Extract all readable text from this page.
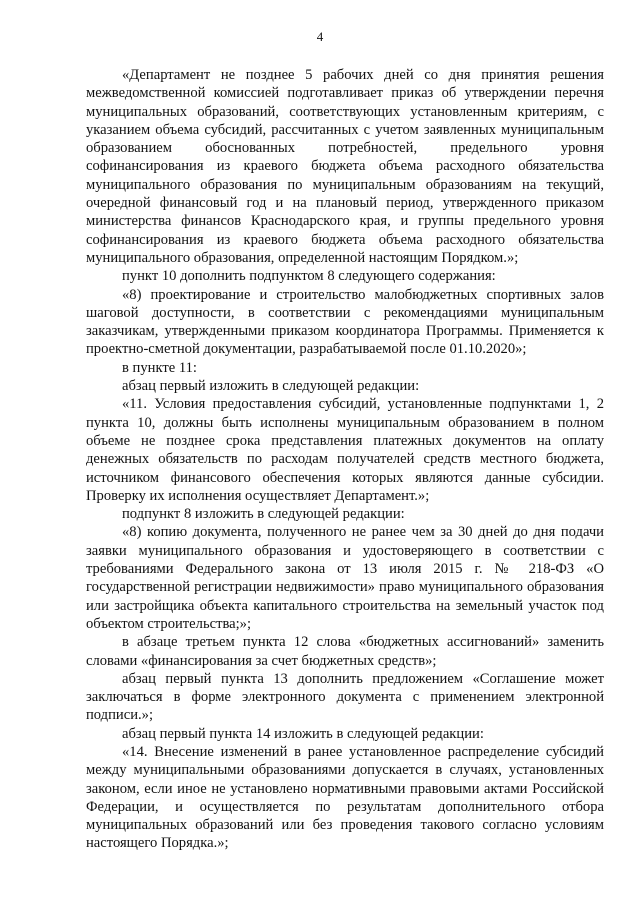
4

«Департамент не позднее 5 рабочих дней со дня принятия решения межведомственной комиссией подготавливает приказ об утверждении перечня муниципальных образований, соответствующих установленным критериям, с указанием объема субсидий, рассчитанных с учетом заявленных муниципальным образованием обоснованных потребностей, предельного уровня софинансирования из краевого бюджета объема расходного обязательства муниципального образования по муниципальным образованиям на текущий, очередной финансовый год и на плановый период, утвержденного приказом министерства финансов Краснодарского края, и группы предельного уровня софинансирования из краевого бюджета объема расходного обязательства муниципального образования, определенной настоящим Порядком.»;

пункт 10 дополнить подпунктом 8 следующего содержания:

«8) проектирование и строительство малобюджетных спортивных залов шаговой доступности, в соответствии с рекомендациями муниципальным заказчикам, утвержденными приказом координатора Программы. Применяется к проектно-сметной документации, разрабатываемой после 01.10.2020»;

в пункте 11:

абзац первый изложить в следующей редакции:

«11. Условия предоставления субсидий, установленные подпунктами 1, 2 пункта 10, должны быть исполнены муниципальным образованием в полном объеме не позднее срока представления платежных документов на оплату денежных обязательств по расходам получателей средств местного бюджета, источником финансового обеспечения которых являются данные субсидии. Проверку их исполнения осуществляет Департамент.»;

подпункт 8 изложить в следующей редакции:

«8) копию документа, полученного не ранее чем за 30 дней до дня подачи заявки муниципального образования и удостоверяющего в соответствии с требованиями Федерального закона от 13 июля 2015 г. № 218-ФЗ «О государственной регистрации недвижимости» право муниципального образования или застройщика объекта капитального строительства на земельный участок под объектом строительства;»;

в абзаце третьем пункта 12 слова «бюджетных ассигнований» заменить словами «финансирования за счет бюджетных средств»;

абзац первый пункта 13 дополнить предложением «Соглашение может заключаться в форме электронного документа с применением электронной подписи.»;

абзац первый пункта 14 изложить в следующей редакции:

«14. Внесение изменений в ранее установленное распределение субсидий между муниципальными образованиями допускается в случаях, установленных законом, если иное не установлено нормативными правовыми актами Российской Федерации, и осуществляется по результатам дополнительного отбора муниципальных образований или без проведения такового согласно условиям настоящего Порядка.»;
